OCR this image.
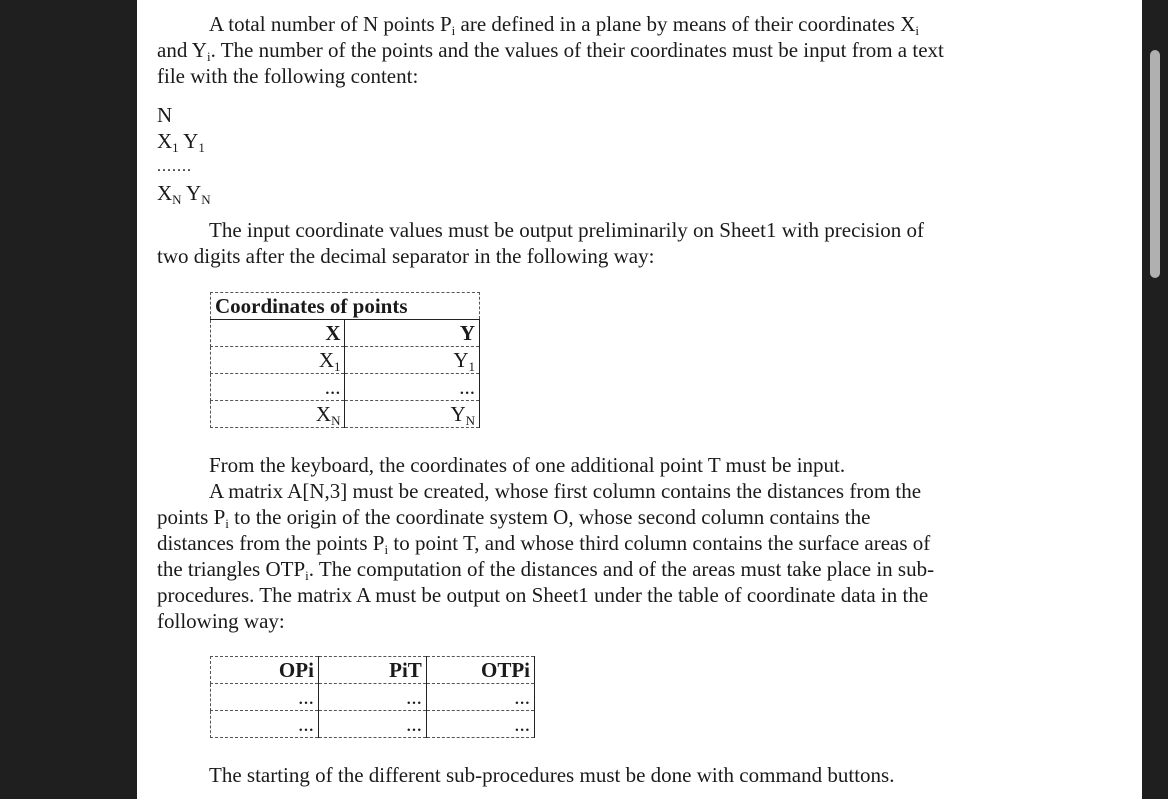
A total number of N points $P_i$ are defined in a plane by means of their coordinates $X_i$

and $Y_i$. The number of the points and the values of their coordinates must be input from a text

file with the following content:

N

$X_1$ $Y_1$

.......

$X_N$ $Y_N$

The input coordinate values must be output preliminarily on Sheet1 with precision of

two digits after the decimal separator in the following way:

Coordinates of points	
X	Y
$X_1$	$Y_1$
...	...
$X_N$	$Y_N$

From the keyboard, the coordinates of one additional point T must be input.

A matrix A[N,3] must be created, whose first column contains the distances from the

points $P_i$ to the origin of the coordinate system O, whose second column contains the

distances from the points $P_i$ to point T, and whose third column contains the surface areas of

the triangles $OTP_i$. The computation of the distances and of the areas must take place in sub-

procedures. The matrix A must be output on Sheet1 under the table of coordinate data in the

following way:

OPi	PiT	OTPi
...	...	...
...	...	...

The starting of the different sub-procedures must be done with command buttons.
